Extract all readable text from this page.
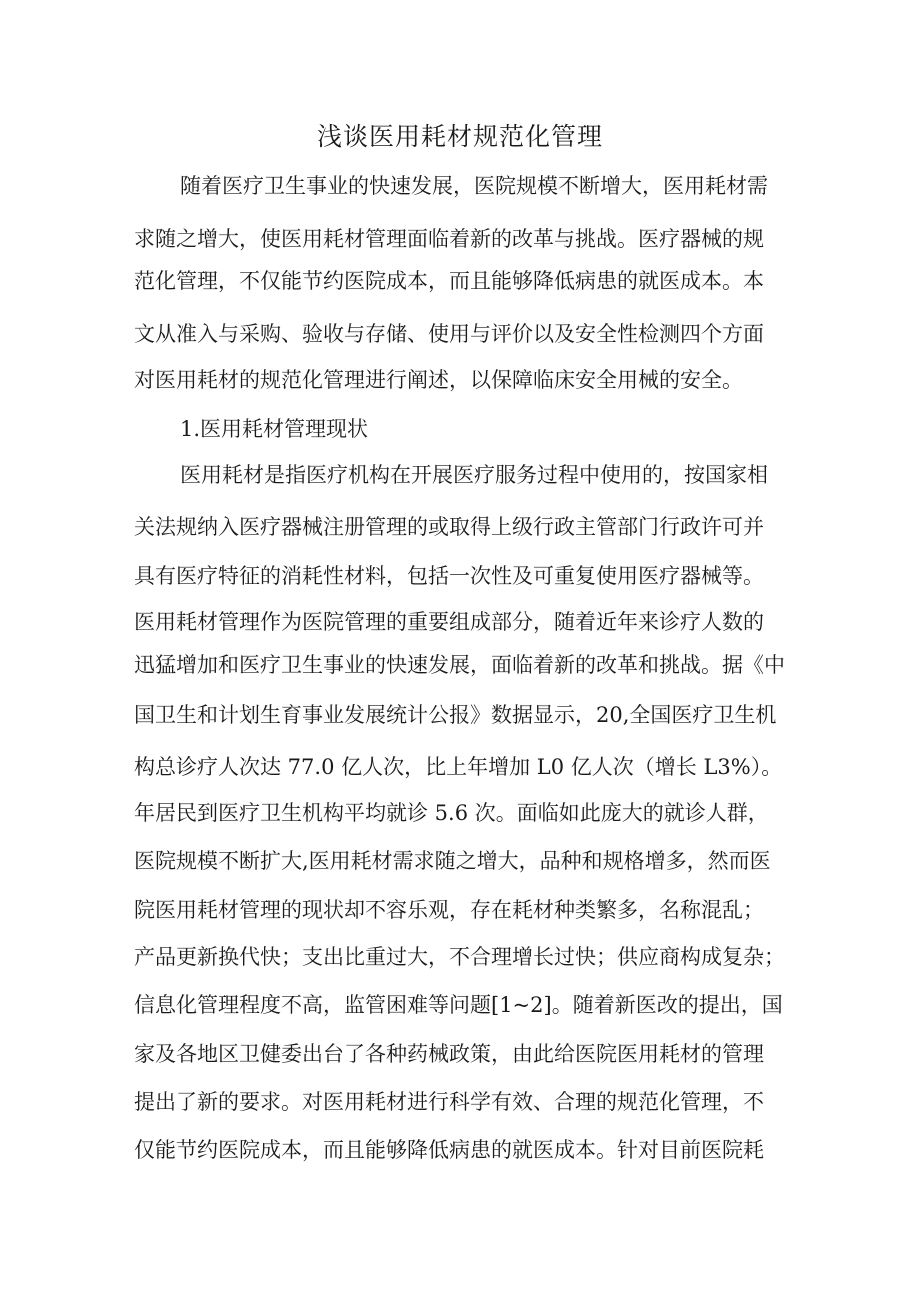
浅谈医用耗材规范化管理
随着医疗卫生事业的快速发展，医院规模不断增大，医用耗材需
求随之增大，使医用耗材管理面临着新的改革与挑战。医疗器械的规
范化管理，不仅能节约医院成本，而且能够降低病患的就医成本。本
文从准入与采购、验收与存储、使用与评价以及安全性检测四个方面
对医用耗材的规范化管理进行阐述，以保障临床安全用械的安全。
1.医用耗材管理现状
医用耗材是指医疗机构在开展医疗服务过程中使用的，按国家相
关法规纳入医疗器械注册管理的或取得上级行政主管部门行政许可并
具有医疗特征的消耗性材料，包括一次性及可重复使用医疗器械等。
医用耗材管理作为医院管理的重要组成部分，随着近年来诊疗人数的
迅猛增加和医疗卫生事业的快速发展，面临着新的改革和挑战。据《中
国卫生和计划生育事业发展统计公报》数据显示，20,全国医疗卫生机
构总诊疗人次达 77.0 亿人次，比上年增加 L0 亿人次（增长 L3%）。
年居民到医疗卫生机构平均就诊 5.6 次。面临如此庞大的就诊人群，
医院规模不断扩大,医用耗材需求随之增大，品种和规格增多，然而医
院医用耗材管理的现状却不容乐观，存在耗材种类繁多，名称混乱；
产品更新换代快；支出比重过大，不合理增长过快；供应商构成复杂；
信息化管理程度不高，监管困难等问题[1~2]。随着新医改的提出，国
家及各地区卫健委出台了各种药械政策，由此给医院医用耗材的管理
提出了新的要求。对医用耗材进行科学有效、合理的规范化管理，不
仅能节约医院成本，而且能够降低病患的就医成本。针对目前医院耗
